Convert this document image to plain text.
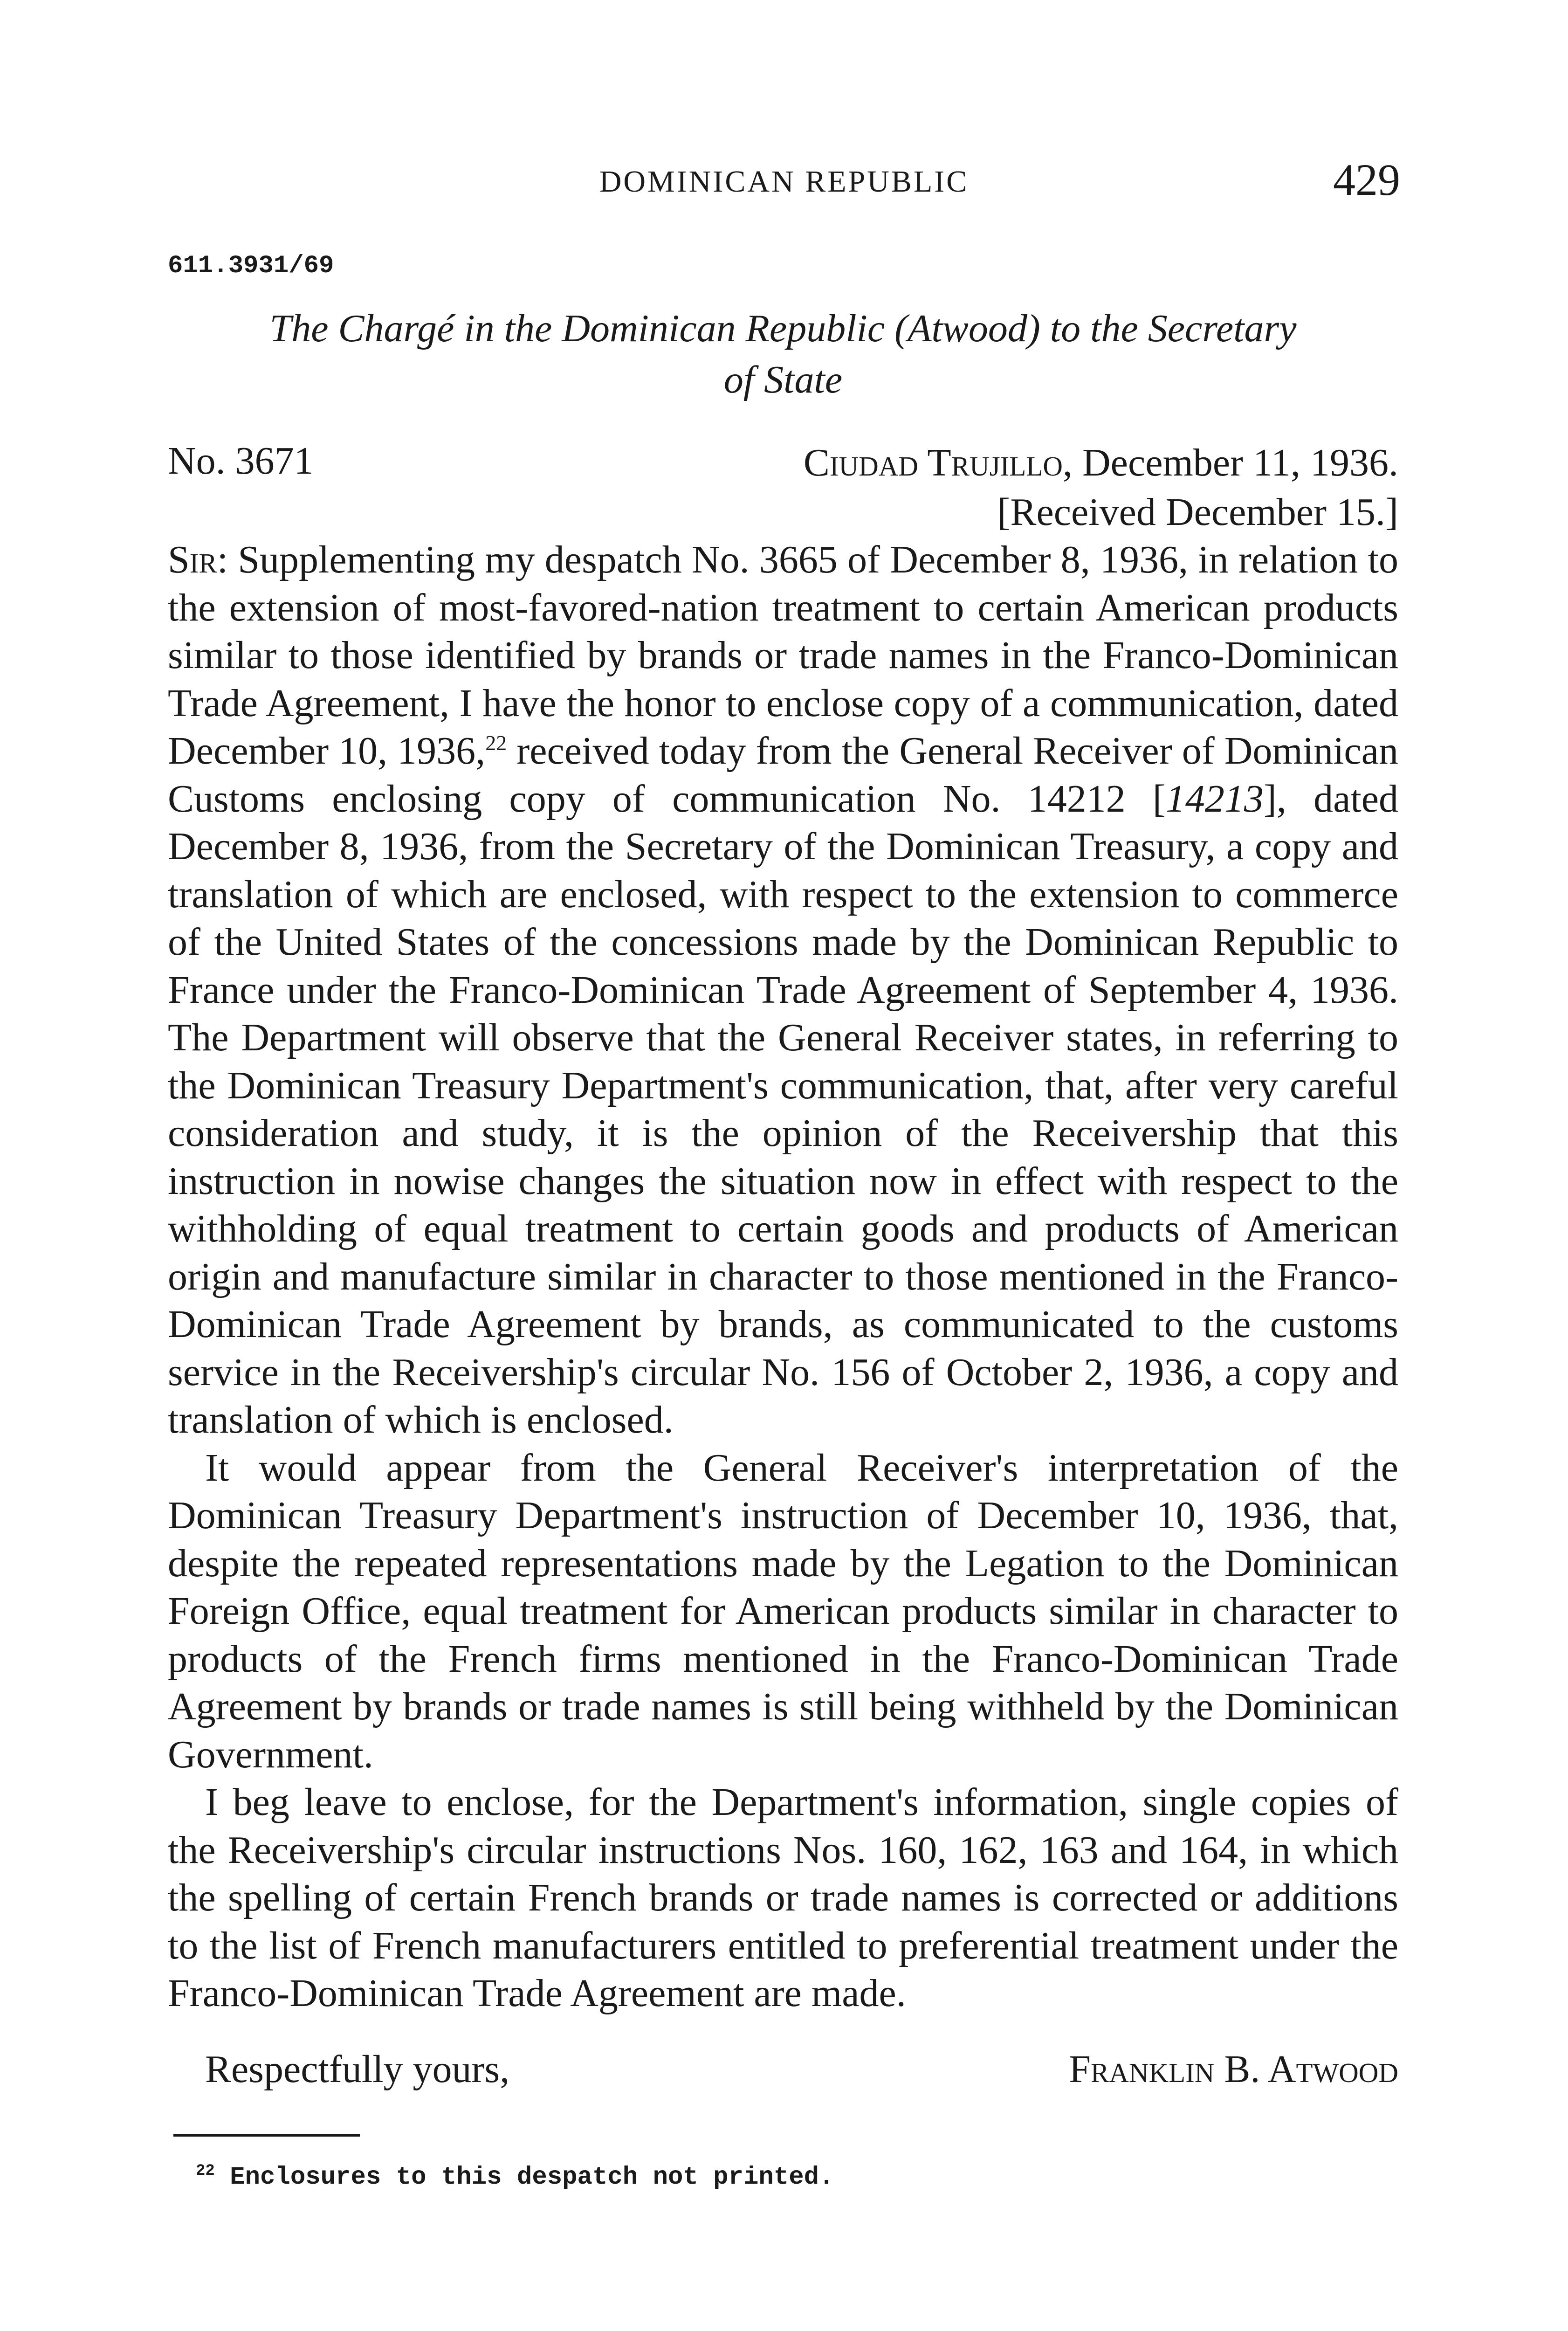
DOMINICAN REPUBLIC	429
611.3931/69
The Chargé in the Dominican Republic (Atwood) to the Secretary
of State
No. 3671	Ciudad Trujillo, December 11, 1936.
[Received December 15.]

Sir: Supplementing my despatch No. 3665 of December 8, 1936, in relation to the extension of most-favored-nation treatment to certain American products similar to those identified by brands or trade names in the Franco-Dominican Trade Agreement, I have the honor to enclose copy of a communication, dated December 10, 1936,22 received today from the General Receiver of Dominican Customs enclosing copy of communication No. 14212 [14213], dated December 8, 1936, from the Secretary of the Dominican Treasury, a copy and translation of which are enclosed, with respect to the extension to commerce of the United States of the concessions made by the Dominican Republic to France under the Franco-Dominican Trade Agreement of September 4, 1936. The Department will observe that the General Receiver states, in referring to the Dominican Treasury Department's communication, that, after very careful consideration and study, it is the opinion of the Receivership that this instruction in nowise changes the situation now in effect with respect to the withholding of equal treatment to certain goods and products of American origin and manufacture similar in character to those mentioned in the Franco-Dominican Trade Agreement by brands, as communicated to the customs service in the Receivership's circular No. 156 of October 2, 1936, a copy and translation of which is enclosed.

It would appear from the General Receiver's interpretation of the Dominican Treasury Department's instruction of December 10, 1936, that, despite the repeated representations made by the Legation to the Dominican Foreign Office, equal treatment for American products similar in character to products of the French firms mentioned in the Franco-Dominican Trade Agreement by brands or trade names is still being withheld by the Dominican Government.

I beg leave to enclose, for the Department's information, single copies of the Receivership's circular instructions Nos. 160, 162, 163 and 164, in which the spelling of certain French brands or trade names is corrected or additions to the list of French manufacturers entitled to preferential treatment under the Franco-Dominican Trade Agreement are made.

Respectfully yours,	Franklin B. Atwood
$^{22}$ Enclosures to this despatch not printed.
